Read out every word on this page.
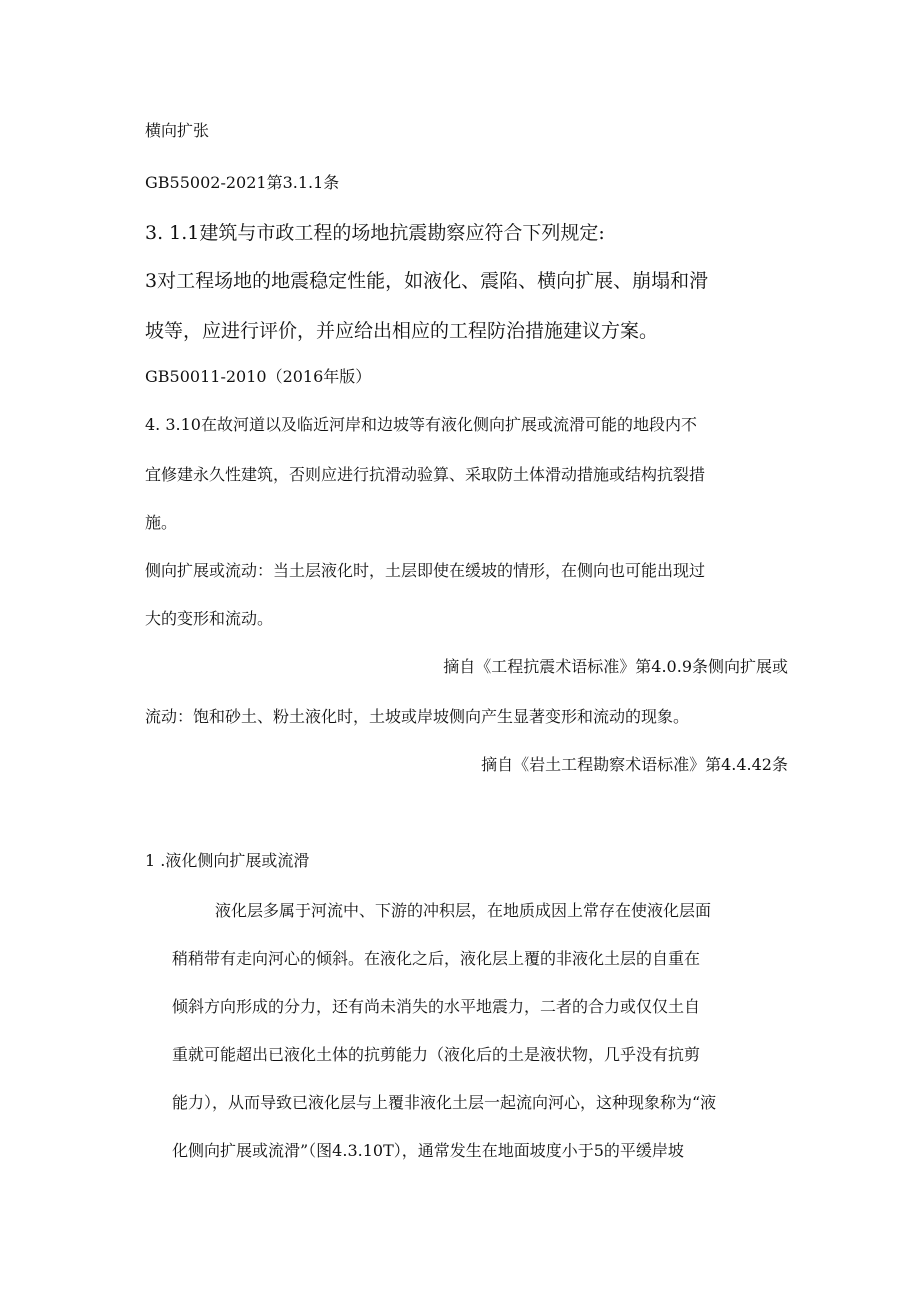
横向扩张

GB55002-2021第3.1.1条

3. 1.1建筑与市政工程的场地抗震勘察应符合下列规定:

3对工程场地的地震稳定性能，如液化、震陷、横向扩展、崩塌和滑

坡等，应进行评价，并应给出相应的工程防治措施建议方案。

GB50011-2010（2016年版）

4. 3.10在故河道以及临近河岸和边坡等有液化侧向扩展或流滑可能的地段内不

宜修建永久性建筑，否则应进行抗滑动验算、采取防土体滑动措施或结构抗裂措

施。

侧向扩展或流动：当土层液化时，土层即使在缓坡的情形，在侧向也可能出现过

大的变形和流动。

摘自《工程抗震术语标准》第4.0.9条侧向扩展或

流动：饱和砂土、粉土液化时，土坡或岸坡侧向产生显著变形和流动的现象。

摘自《岩土工程勘察术语标准》第4.4.42条

1 .液化侧向扩展或流滑

液化层多属于河流中、下游的冲积层，在地质成因上常存在使液化层面

稍稍带有走向河心的倾斜。在液化之后，液化层上覆的非液化土层的自重在

倾斜方向形成的分力，还有尚未消失的水平地震力，二者的合力或仅仅土自

重就可能超出已液化土体的抗剪能力（液化后的土是液状物，几乎没有抗剪

能力），从而导致已液化层与上覆非液化土层一起流向河心，这种现象称为“液

化侧向扩展或流滑”（图4.3.10T），通常发生在地面坡度小于5的平缓岸坡
